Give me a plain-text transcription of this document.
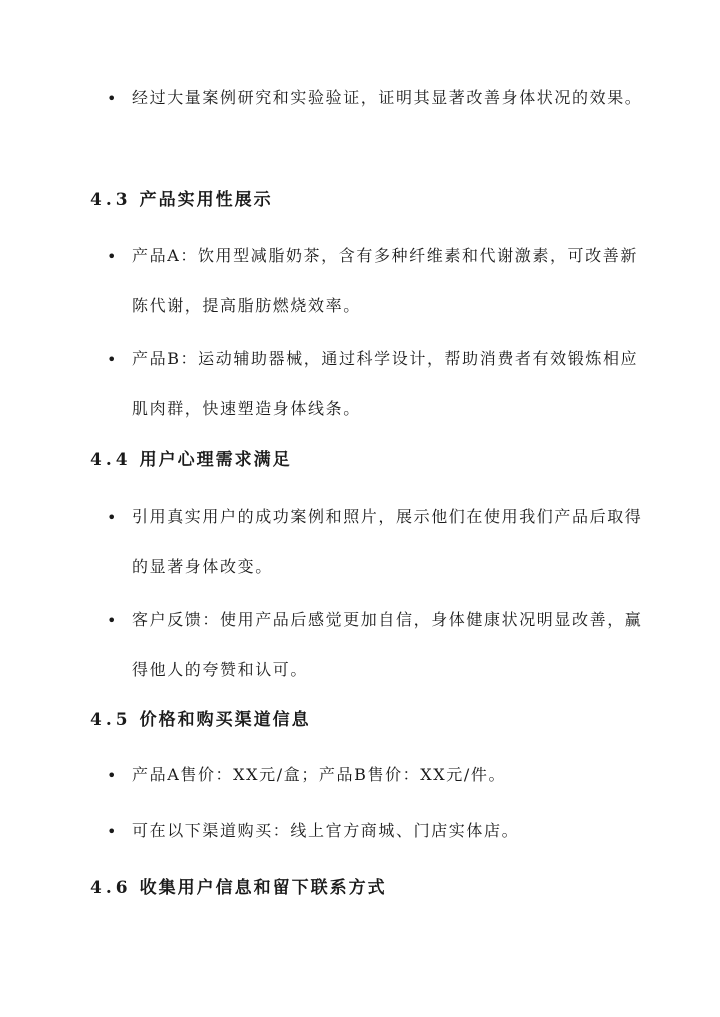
• 经过大量案例研究和实验验证，证明其显著改善身体状况的效果。
4.3 产品实用性展示
• 产品A：饮用型减脂奶茶，含有多种纤维素和代谢激素，可改善新陈代谢，提高脂肪燃烧效率。
• 产品B：运动辅助器械，通过科学设计，帮助消费者有效锻炼相应肌肉群，快速塑造身体线条。
4.4 用户心理需求满足
• 引用真实用户的成功案例和照片，展示他们在使用我们产品后取得的显著身体改变。
• 客户反馈：使用产品后感觉更加自信，身体健康状况明显改善，赢得他人的夸赞和认可。
4.5 价格和购买渠道信息
• 产品A售价：XX元/盒；产品B售价：XX元/件。
• 可在以下渠道购买：线上官方商城、门店实体店。
4.6 收集用户信息和留下联系方式
